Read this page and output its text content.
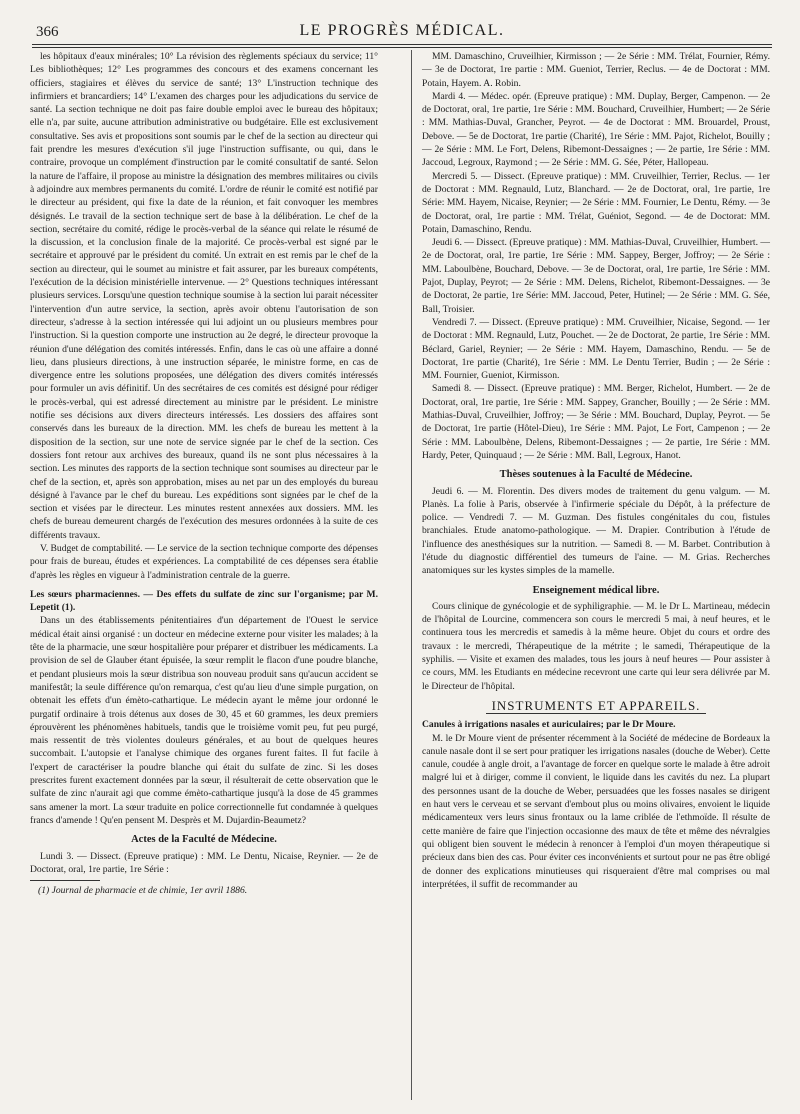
366	LE PROGRÈS MÉDICAL.

les hôpitaux d'eaux minérales; 10° La révision des règlements spéciaux du service; 11° Les bibliothèques; 12° Les programmes des concours et des examens concernant les officiers, stagiaires et élèves du service de santé; 13° L'instruction technique des infirmiers et brancardiers; 14° L'examen des charges pour les adjudications du service de santé. La section technique ne doit pas faire double emploi avec le bureau des hôpitaux; elle n'a, par suite, aucune attribution administrative ou budgétaire. Elle est exclusivement consultative. Ses avis et propositions sont soumis par le chef de la section au directeur qui fait prendre les mesures d'exécution s'il juge l'instruction suffisante, ou qui, dans le contraire, provoque un complément d'instruction par le comité consultatif de santé. Selon la nature de l'affaire, il propose au ministre la désignation des membres militaires ou civils à adjoindre aux membres permanents du comité. L'ordre de réunir le comité est notifié par le directeur au président, qui fixe la date de la réunion, et fait convoquer les membres désignés. Le travail de la section technique sert de base à la délibération. Le chef de la section, secrétaire du comité, rédige le procès-verbal de la séance qui relate le résumé de la discussion, et la conclusion finale de la majorité. Ce procès-verbal est signé par le secrétaire et approuvé par le président du comité. Un extrait en est remis par le chef de la section au directeur, qui le soumet au ministre et fait assurer, par les bureaux compétents, l'exécution de la décision ministérielle intervenue. — 2° Questions techniques intéressant plusieurs services. Lorsqu'une question technique soumise à la section lui parait nécessiter l'intervention d'un autre service, la section, après avoir obtenu l'autorisation de son directeur, s'adresse à la section intéressée qui lui adjoint un ou plusieurs membres pour l'instruction. Si la question comporte une instruction au 2e degré, le directeur provoque la réunion d'une délégation des comités intéressés. Enfin, dans le cas où une affaire a donné lieu, dans plusieurs directions, à une instruction séparée, le ministre forme, en cas de divergence entre les solutions proposées, une délégation des divers comités intéressés pour formuler un avis définitif. Un des secrétaires de ces comités est désigné pour rédiger le procès-verbal, qui est adressé directement au ministre par le président. Le ministre notifie ses décisions aux divers directeurs intéressés. Les dossiers des affaires sont conservés dans les bureaux de la direction. MM. les chefs de bureau les mettent à la disposition de la section, sur une note de service signée par le chef de la section. Ces dossiers font retour aux archives des bureaux, quand ils ne sont plus nécessaires à la section. Les minutes des rapports de la section technique sont soumises au directeur par le chef de la section, et, après son approbation, mises au net par un des employés du bureau désigné à l'avance par le chef du bureau. Les expéditions sont signées par le chef de la section et visées par le directeur. Les minutes restent annexées aux dossiers. MM. les chefs de bureau demeurent chargés de l'exécution des mesures ordonnées à la suite de ces différents travaux.

V. Budget de comptabilité. — Le service de la section technique comporte des dépenses pour frais de bureau, études et expériences. La comptabilité de ces dépenses sera établie d'après les règles en vigueur à l'administration centrale de la guerre.

Les sœurs pharmaciennes. — Des effets du sulfate de zinc sur l'organisme; par M. Lepetit (1).

Dans un des établissements pénitentiaires d'un département de l'Ouest le service médical était ainsi organisé : un docteur en médecine externe pour visiter les malades; à la tête de la pharmacie, une sœur hospitalière pour préparer et distribuer les médicaments. La provision de sel de Glauber étant épuisée, la sœur remplit le flacon d'une poudre blanche, et pendant plusieurs mois la sœur distribua son nouveau produit sans qu'aucun accident se manifestât; la seule différence qu'on remarqua, c'est qu'au lieu d'une simple purgation, on obtenait les effets d'un émèto-cathartique. Le médecin ayant le même jour ordonné le purgatif ordinaire à trois détenus aux doses de 30, 45 et 60 grammes, les deux premiers éprouvèrent les phénomènes habituels, tandis que le troisième vomit peu, fut peu purgé, mais ressentit de très violentes douleurs générales, et au bout de quelques heures succombait. L'autopsie et l'analyse chimique des organes furent faites. Il fut facile à l'expert de caractériser la poudre blanche qui était du sulfate de zinc. Si les doses prescrites furent exactement données par la sœur, il résulterait de cette observation que le sulfate de zinc n'aurait agi que comme émèto-cathartique jusqu'à la dose de 45 grammes sans amener la mort. La sœur traduite en police correctionnelle fut condamnée à quelques francs d'amende ! Qu'en pensent M. Desprès et M. Dujardin-Beaumetz?

Actes de la Faculté de Médecine.

Lundi 3. — Dissect. (Epreuve pratique) : MM. Le Dentu, Nicaise, Reynier. — 2e de Doctorat, oral, 1re partie, 1re Série :

(1) Journal de pharmacie et de chimie, 1er avril 1886.

MM. Damaschino, Cruveilhier, Kirmisson ; — 2e Série : MM. Trélat, Fournier, Rémy. — 3e de Doctorat, 1re partie : MM. Gueniot, Terrier, Reclus. — 4e de Doctorat : MM. Potain, Hayem. A. Robin.

Mardi 4. — Médec. opér. (Epreuve pratique) : MM. Duplay, Berger, Campenon. — 2e de Doctorat, oral, 1re partie, 1re Série : MM. Bouchard, Cruveilhier, Humbert; — 2e Série : MM. Mathias-Duval, Grancher, Peyrot. — 4e de Doctorat : MM. Brouardel, Proust, Debove. — 5e de Doctorat, 1re partie (Charité), 1re Série : MM. Pajot, Richelot, Bouilly ; — 2e Série : MM. Le Fort, Delens, Ribemont-Dessaignes ; — 2e partie, 1re Série : MM. Jaccoud, Legroux, Raymond ; — 2e Série : MM. G. Sée, Péter, Hallopeau.

Mercredi 5. — Dissect. (Epreuve pratique) : MM. Cruveilhier, Terrier, Reclus. — 1er de Doctorat : MM. Regnauld, Lutz, Blanchard. — 2e de Doctorat, oral, 1re partie, 1re Série: MM. Hayem, Nicaise, Reynier; — 2e Série : MM. Fournier, Le Dentu, Rémy. — 3e de Doctorat, oral, 1re partie : MM. Trélat, Guéniot, Segond. — 4e de Doctorat: MM. Potain, Damaschino, Rendu.

Jeudi 6. — Dissect. (Epreuve pratique) : MM. Mathias-Duval, Cruveilhier, Humbert. — 2e de Doctorat, oral, 1re partie, 1re Série : MM. Sappey, Berger, Joffroy; — 2e Série : MM. Laboulbène, Bouchard, Debove. — 3e de Doctorat, oral, 1re partie, 1re Série : MM. Pajot, Duplay, Peyrot; — 2e Série : MM. Delens, Richelot, Ribemont-Dessaignes. — 3e de Doctorat, 2e partie, 1re Série: MM. Jaccoud, Peter, Hutinel; — 2e Série : MM. G. Sée, Ball, Troisier.

Vendredi 7. — Dissect. (Epreuve pratique) : MM. Cruveilhier, Nicaise, Segond. — 1er de Doctorat : MM. Regnauld, Lutz, Pouchet. — 2e de Doctorat, 2e partie, 1re Série : MM. Béclard, Gariel, Reynier; — 2e Série : MM. Hayem, Damaschino, Rendu. — 5e de Doctorat, 1re partie (Charité), 1re Série : MM. Le Dentu Terrier, Budin ; — 2e Série : MM. Fournier, Gueniot, Kirmisson.

Samedi 8. — Dissect. (Epreuve pratique) : MM. Berger, Richelot, Humbert. — 2e de Doctorat, oral, 1re partie, 1re Série : MM. Sappey, Grancher, Bouilly ; — 2e Série : MM. Mathias-Duval, Cruveilhier, Joffroy; — 3e Série : MM. Bouchard, Duplay, Peyrot. — 5e de Doctorat, 1re partie (Hôtel-Dieu), 1re Série : MM. Pajot, Le Fort, Campenon ; — 2e Série : MM. Laboulbène, Delens, Ribemont-Dessaignes ; — 2e partie, 1re Série : MM. Hardy, Peter, Quinquaud ; — 2e Série : MM. Ball, Legroux, Hanot.

Thèses soutenues à la Faculté de Médecine.

Jeudi 6. — M. Florentin. Des divers modes de traitement du genu valgum. — M. Planès. La folie à Paris, observée à l'infirmerie spéciale du Dépôt, à la préfecture de police. — Vendredi 7. — M. Guzman. Des fistules congénitales du cou, fistules branchiales. Etude anatomo-pathologique. — M. Drapier. Contribution à l'étude de l'influence des anesthésiques sur la nutrition. — Samedi 8. — M. Barbet. Contribution à l'étude du diagnostic différentiel des tumeurs de l'aine. — M. Grias. Recherches anatomiques sur les kystes simples de la mamelle.

Enseignement médical libre.

Cours clinique de gynécologie et de syphiligraphie. — M. le Dr L. Martineau, médecin de l'hôpital de Lourcine, commencera son cours le mercredi 5 mai, à neuf heures, et le continuera tous les mercredis et samedis à la même heure. Objet du cours et ordre des travaux : le mercredi, Thérapeutique de la métrite ; le samedi, Thérapeutique de la syphilis. — Visite et examen des malades, tous les jours à neuf heures — Pour assister à ce cours, MM. les Etudiants en médecine recevront une carte qui leur sera délivrée par M. le Directeur de l'hôpital.

INSTRUMENTS ET APPAREILS.

Canules à irrigations nasales et auriculaires; par le Dr Moure.

M. le Dr Moure vient de présenter récemment à la Société de médecine de Bordeaux la canule nasale dont il se sert pour pratiquer les irrigations nasales (douche de Weber). Cette canule, coudée à angle droit, a l'avantage de forcer en quelque sorte le malade à être adroit malgré lui et à diriger, comme il convient, le liquide dans les cavités du nez. La plupart des personnes usant de la douche de Weber, persuadées que les fosses nasales se dirigent en haut vers le cerveau et se servant d'embout plus ou moins olivaires, envoient le liquide médicamenteux vers leurs sinus frontaux ou la lame criblée de l'ethmoïde. Il résulte de cette manière de faire que l'injection occasionne des maux de tête et même des névralgies qui obligent bien souvent le médecin à renoncer à l'emploi d'un moyen thérapeutique si précieux dans bien des cas. Pour éviter ces inconvénients et surtout pour ne pas être obligé de donner des explications minutieuses qui risqueraient d'être mal comprises ou mal interprétées, il suffit de recommander au
